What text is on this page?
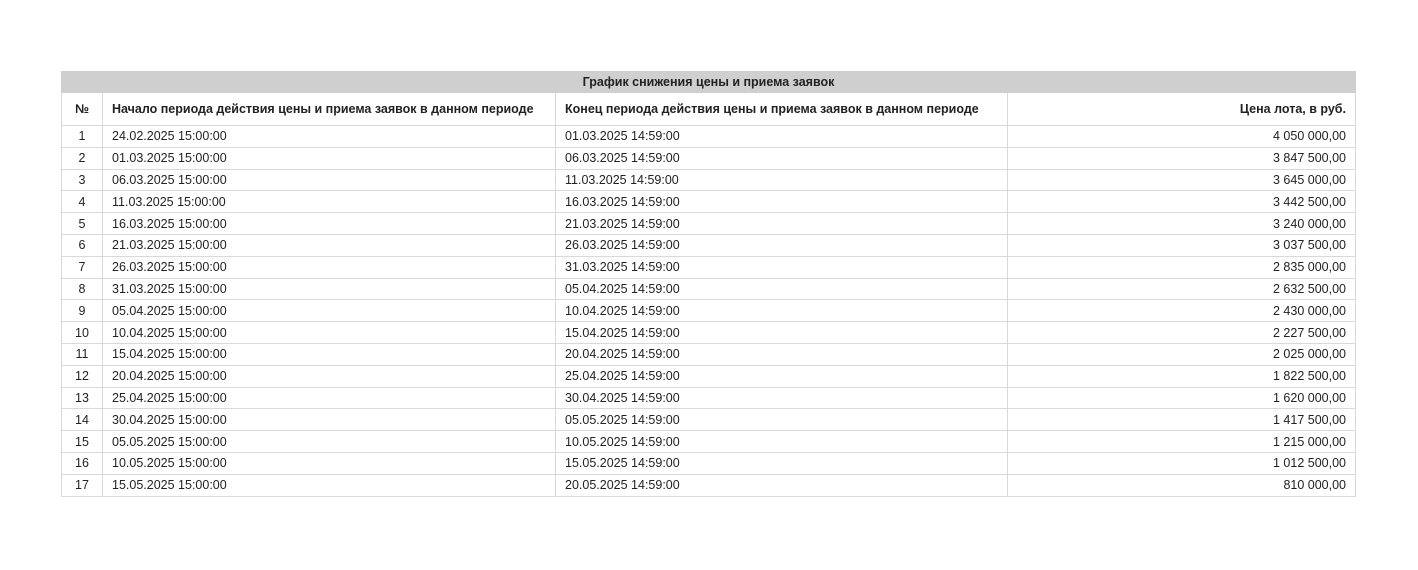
График снижения цены и приема заявок			
№	Начало периода действия цены и приема заявок в данном периоде	Конец периода действия цены и приема заявок в данном периоде	Цена лота, в руб.
1	24.02.2025 15:00:00	01.03.2025 14:59:00	4 050 000,00
2	01.03.2025 15:00:00	06.03.2025 14:59:00	3 847 500,00
3	06.03.2025 15:00:00	11.03.2025 14:59:00	3 645 000,00
4	11.03.2025 15:00:00	16.03.2025 14:59:00	3 442 500,00
5	16.03.2025 15:00:00	21.03.2025 14:59:00	3 240 000,00
6	21.03.2025 15:00:00	26.03.2025 14:59:00	3 037 500,00
7	26.03.2025 15:00:00	31.03.2025 14:59:00	2 835 000,00
8	31.03.2025 15:00:00	05.04.2025 14:59:00	2 632 500,00
9	05.04.2025 15:00:00	10.04.2025 14:59:00	2 430 000,00
10	10.04.2025 15:00:00	15.04.2025 14:59:00	2 227 500,00
11	15.04.2025 15:00:00	20.04.2025 14:59:00	2 025 000,00
12	20.04.2025 15:00:00	25.04.2025 14:59:00	1 822 500,00
13	25.04.2025 15:00:00	30.04.2025 14:59:00	1 620 000,00
14	30.04.2025 15:00:00	05.05.2025 14:59:00	1 417 500,00
15	05.05.2025 15:00:00	10.05.2025 14:59:00	1 215 000,00
16	10.05.2025 15:00:00	15.05.2025 14:59:00	1 012 500,00
17	15.05.2025 15:00:00	20.05.2025 14:59:00	810 000,00
